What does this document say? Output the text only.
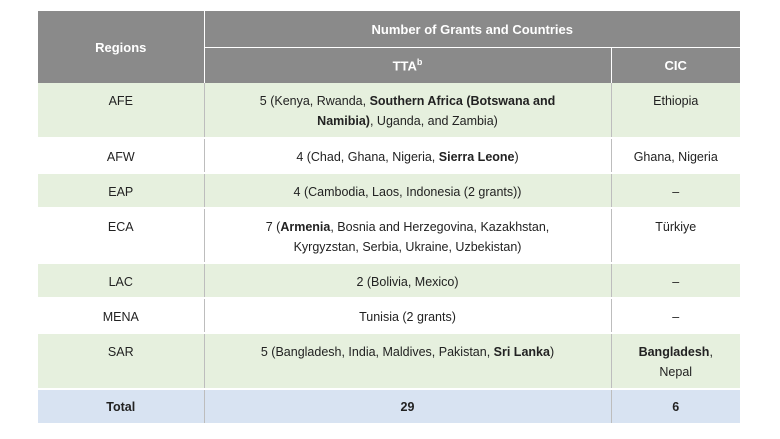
Regions	Number of Grants and Countries	
	TTA$^b$	CIC
AFE	5 (Kenya, Rwanda, Southern Africa (Botswana and Namibia), Uganda, and Zambia)	Ethiopia
AFW	4 (Chad, Ghana, Nigeria, Sierra Leone)	Ghana, Nigeria
EAP	4 (Cambodia, Laos, Indonesia (2 grants))	–
ECA	7 (Armenia, Bosnia and Herzegovina, Kazakhstan, Kyrgyzstan, Serbia, Ukraine, Uzbekistan)	Türkiye
LAC	2 (Bolivia, Mexico)	–
MENA	Tunisia (2 grants)	–
SAR	5 (Bangladesh, India, Maldives, Pakistan, Sri Lanka)	Bangladesh, Nepal
Total	29	6
